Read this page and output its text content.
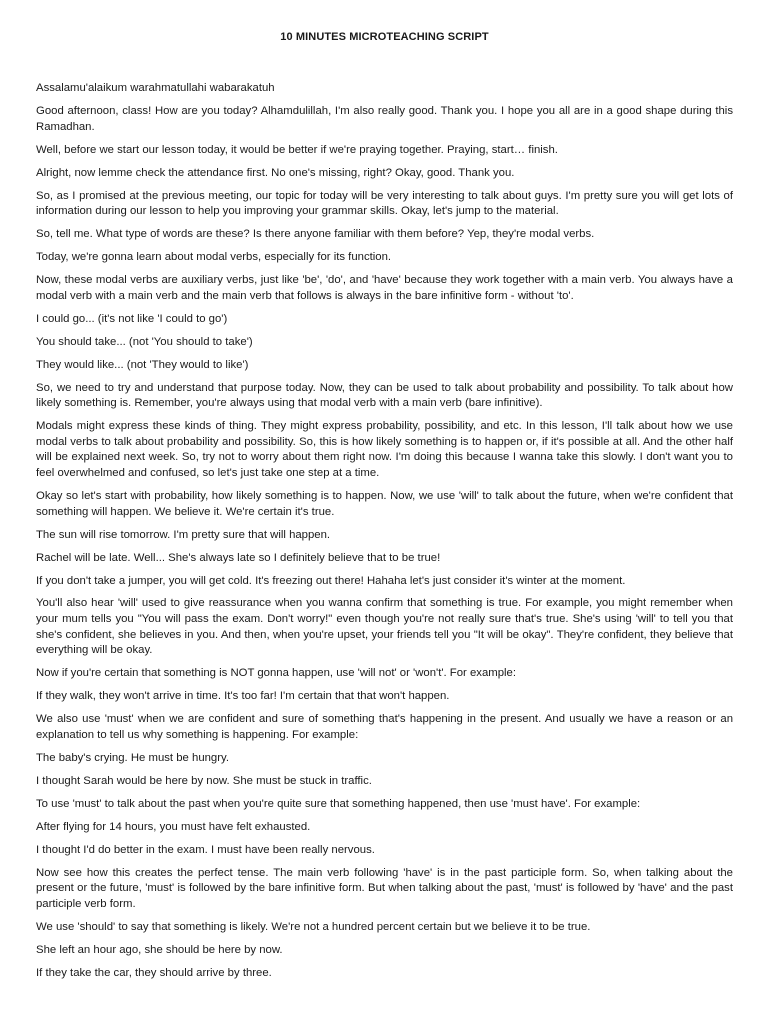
10 MINUTES MICROTEACHING SCRIPT

Assalamu'alaikum warahmatullahi wabarakatuh

Good afternoon, class! How are you today? Alhamdulillah, I'm also really good. Thank you. I hope you all are in a good shape during this Ramadhan.

Well, before we start our lesson today, it would be better if we're praying together. Praying, start… finish.

Alright, now lemme check the attendance first. No one's missing, right? Okay, good. Thank you.

So, as I promised at the previous meeting, our topic for today will be very interesting to talk about guys. I'm pretty sure you will get lots of information during our lesson to help you improving your grammar skills. Okay, let's jump to the material.

So, tell me. What type of words are these? Is there anyone familiar with them before? Yep, they're modal verbs.

Today, we're gonna learn about modal verbs, especially for its function.

Now, these modal verbs are auxiliary verbs, just like 'be', 'do', and 'have' because they work together with a main verb. You always have a modal verb with a main verb and the main verb that follows is always in the bare infinitive form - without 'to'.

I could go... (it's not like 'I could to go')

You should take... (not 'You should to take')

They would like... (not 'They would to like')

So, we need to try and understand that purpose today. Now, they can be used to talk about probability and possibility. To talk about how likely something is. Remember, you're always using that modal verb with a main verb (bare infinitive).

Modals might express these kinds of thing. They might express probability, possibility, and etc. In this lesson, I'll talk about how we use modal verbs to talk about probability and possibility. So, this is how likely something is to happen or, if it's possible at all. And the other half will be explained next week. So, try not to worry about them right now. I'm doing this because I wanna take this slowly. I don't want you to feel overwhelmed and confused, so let's just take one step at a time.

Okay so let's start with probability, how likely something is to happen. Now, we use 'will' to talk about the future, when we're confident that something will happen. We believe it. We're certain it's true.

The sun will rise tomorrow. I'm pretty sure that will happen.

Rachel will be late. Well... She's always late so I definitely believe that to be true!

If you don't take a jumper, you will get cold. It's freezing out there! Hahaha let's just consider it's winter at the moment.

You'll also hear 'will' used to give reassurance when you wanna confirm that something is true. For example, you might remember when your mum tells you "You will pass the exam. Don't worry!" even though you're not really sure that's true. She's using 'will' to tell you that she's confident, she believes in you. And then, when you're upset, your friends tell you "It will be okay". They're confident, they believe that everything will be okay.

Now if you're certain that something is NOT gonna happen, use 'will not' or 'won't'. For example:

If they walk, they won't arrive in time. It's too far! I'm certain that that won't happen.

We also use 'must' when we are confident and sure of something that's happening in the present. And usually we have a reason or an explanation to tell us why something is happening. For example:

The baby's crying. He must be hungry.

I thought Sarah would be here by now. She must be stuck in traffic.

To use 'must' to talk about the past when you're quite sure that something happened, then use 'must have'. For example:

After flying for 14 hours, you must have felt exhausted.

I thought I'd do better in the exam. I must have been really nervous.

Now see how this creates the perfect tense. The main verb following 'have' is in the past participle form. So, when talking about the present or the future, 'must' is followed by the bare infinitive form. But when talking about the past, 'must' is followed by 'have' and the past participle verb form.

We use 'should' to say that something is likely. We're not a hundred percent certain but we believe it to be true.

She left an hour ago, she should be here by now.

If they take the car, they should arrive by three.
